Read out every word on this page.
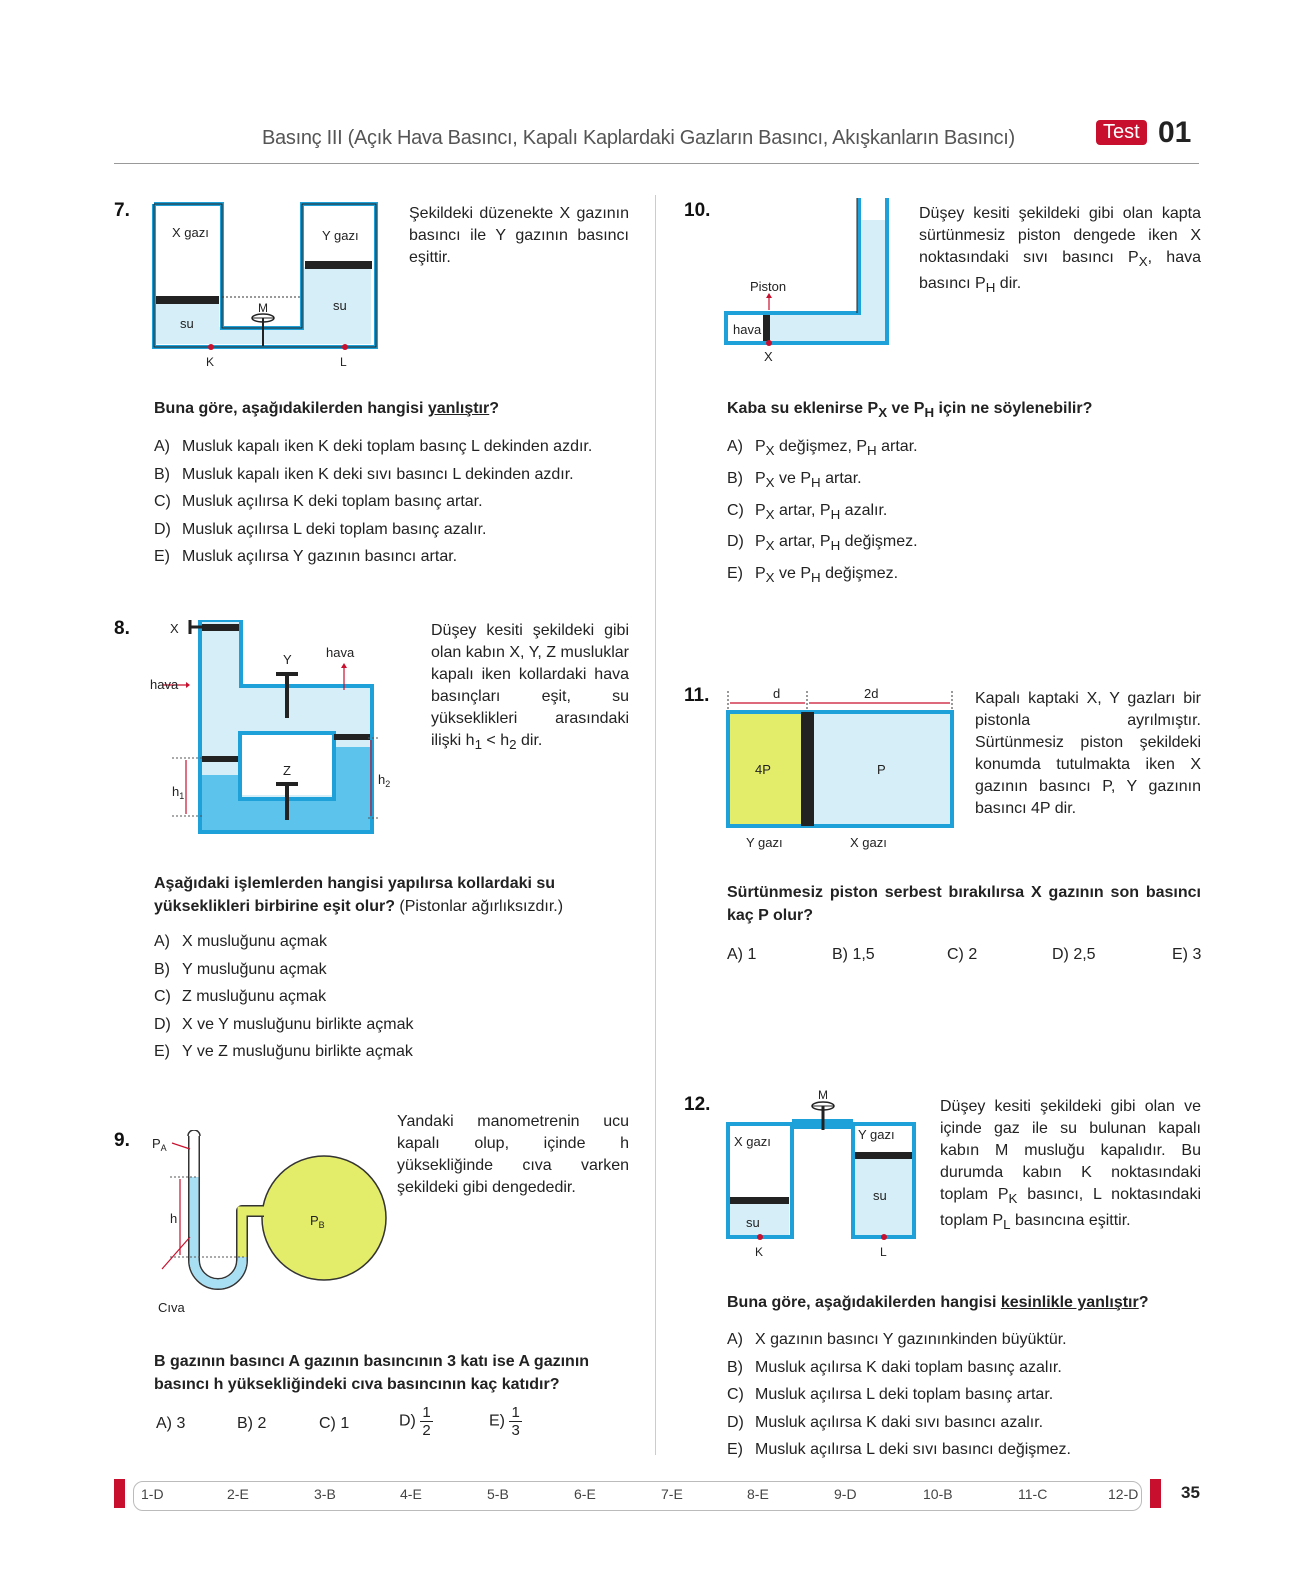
Basınç III (Açık Hava Basıncı, Kapalı Kaplardaki Gazların Basıncı, Akışkanların Basıncı)	Test 01
7.
X gazı	Y gazı
M
su
su
K	L
Şekildeki düzenekte X gazının basıncı ile Y gazının basıncı eşittir.
Buna göre, aşağıdakilerden hangisi yanlıştır?
A) Musluk kapalı iken K deki toplam basınç L dekinden azdır.
B) Musluk kapalı iken K deki sıvı basıncı L dekinden azdır.
C) Musluk açılırsa K deki toplam basınç artar.
D) Musluk açılırsa L deki toplam basınç azalır.
E) Musluk açılırsa Y gazının basıncı artar.
8.	X
Y
Z
hava
hava
$h_1$
$h_2$
Düşey kesiti şekildeki gibi olan kabın X, Y, Z musluklar kapalı iken kollardaki hava basınçları eşit, su yükseklikleri arasındaki ilişki $h_1 < h_2$ dir.
Aşağıdaki işlemlerden hangisi yapılırsa kollardaki su yükseklikleri birbirine eşit olur? (Pistonlar ağırlıksızdır.)
A) X musluğunu açmak
B) Y musluğunu açmak
C) Z musluğunu açmak
D) X ve Y musluğunu birlikte açmak
E) Y ve Z musluğunu birlikte açmak
9. $P_A$
$P_B$
h
Cıva
Yandaki manometrenin ucu kapalı olup, içinde h yüksekliğinde cıva varken şekildeki gibi dengededir.
B gazının basıncı A gazının basıncının 3 katı ise A gazının basıncı h yüksekliğindeki cıva basıncının kaç katıdır?
A) 3	B) 2	C) 1	$D) \frac{1}{2}$	$E) \frac{1}{3}$
10.
Piston
hava
X
Düşey kesiti şekildeki gibi olan kaptа sürtünmesiz piston dengede iken X noktasındaki sıvı basıncı $P_X$, hava basıncı $P_H$ dir.
Kaba su eklenirse $P_X$ ve $P_H$ için ne söylenebilir?
A) $P_X$ değişmez, $P_H$ artar.
B) $P_X$ ve $P_H$ artar.
C) $P_X$ artar, $P_H$ azalır.
D) $P_X$ artar, $P_H$ değişmez.
E) $P_X$ ve $P_H$ değişmez.
11.	d	2d
4P	P
Y gazı	X gazı
Kapalı kaptaki X, Y gazları bir pistonla ayrılmıştır. Sürtünmesiz piston şekildeki konumda tutulmakta iken X gazının basıncı P, Y gazının basıncı 4P dir.
Sürtünmesiz piston serbest bırakılırsa X gazının son basıncı kaç P olur?
A) 1	B) 1,5	C) 2	D) 2,5	E) 3
12.	M
X gazı	Y gazı
su
su
K	L
Düşey kesiti şekildeki gibi olan ve içinde gaz ile su bulunan kapalı kabın M musluğu kapalıdır. Bu durumda kabın K noktasındaki toplam $P_K$ basıncı, L noktasındaki toplam $P_L$ basıncına eşittir.
Buna göre, aşağıdakilerden hangisi kesinlikle yanlıştır?
A) X gazının basıncı Y gazınınkinden büyüktür.
B) Musluk açılırsa K daki toplam basınç azalır.
C) Musluk açılırsa L deki toplam basınç artar.
D) Musluk açılırsa K daki sıvı basıncı azalır.
E) Musluk açılırsa L deki sıvı basıncı değişmez.
1-D	2-E	3-B	4-E	5-B	6-E	7-E	8-E	9-D	10-B	11-C	12-D	35
